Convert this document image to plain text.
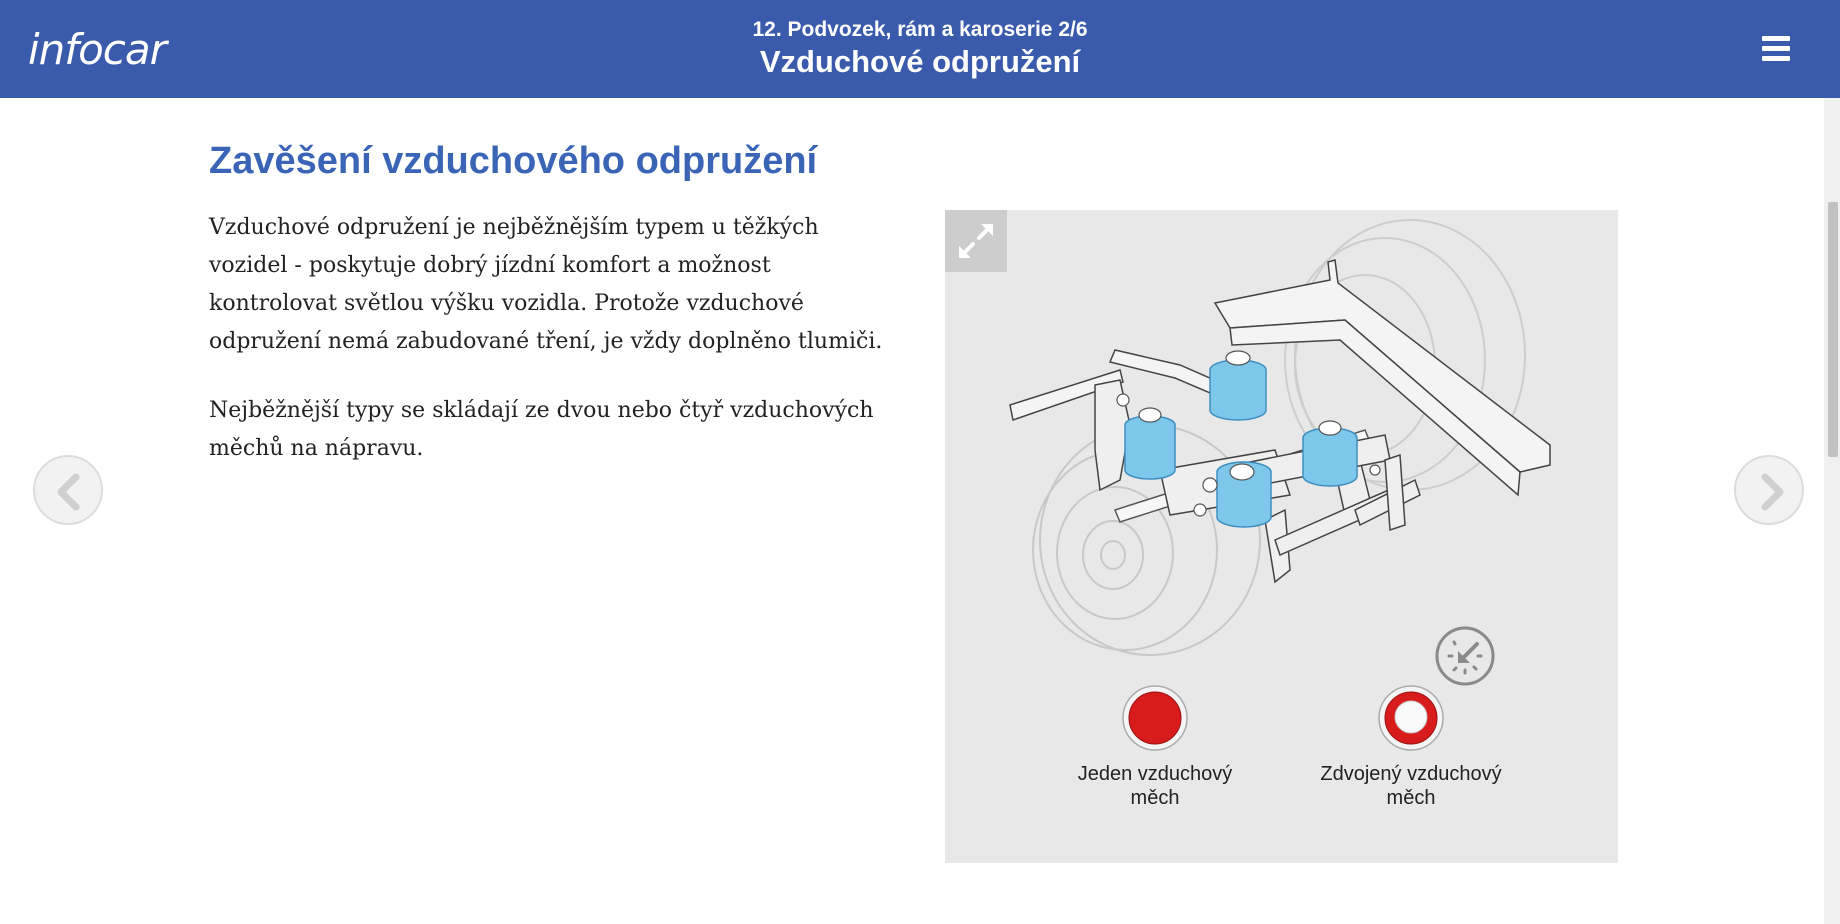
infocar	12. Podvozek, rám a karoserie 2/6
Vzduchové odpružení
Zavěšení vzduchového odpružení

Vzduchové odpružení je nejběžnějším typem u těžkých vozidel - poskytuje dobrý jízdní komfort a možnost kontrolovat světlou výšku vozidla. Protože vzduchové odpružení nemá zabudované tření, je vždy doplněno tlumiči.

Nejběžnější typy se skládají ze dvou nebo čtyř vzduchových měchů na nápravu.

Jeden vzduchový měch
Zdvojený vzduchový měch
